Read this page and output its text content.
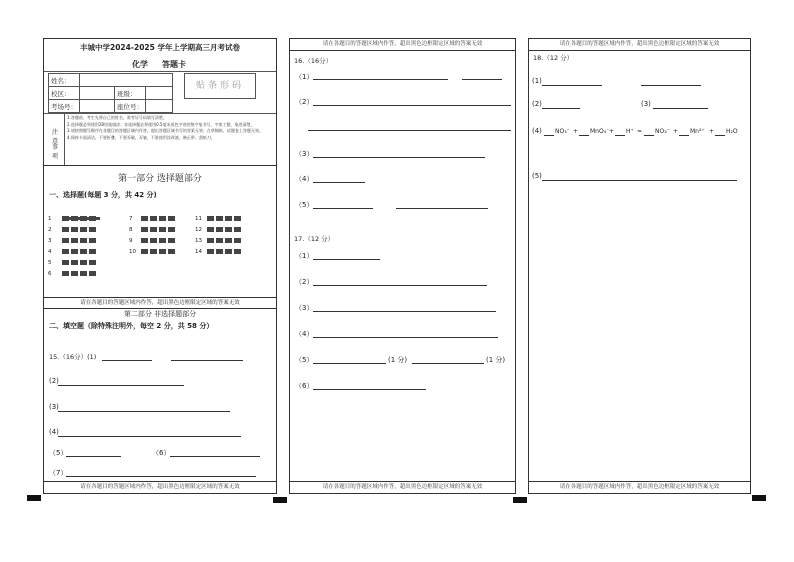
丰城中学2024-2025 学年上学期高三月考试卷
化学 答题卡
姓名：			
校区：		班级：	
考场号：		座位号：	
贴条形码
注意
事项
1.答题前，考生先将自己的姓名、准考证号码填写清楚。
2.选择题必须使用2B铅笔填涂；非选择题必须使用0.5毫米黑色字迹的签字笔书写，字体工整、笔迹清楚。
3.请按照题号顺序在各题目的答题区域内作答，超出答题区域书写的答案无效；在草稿纸、试题卷上答题无效。
4.保持卡面清洁，不要折叠，不要弄破、弄皱，不准使用涂改液、修正带、刮纸刀。
第一部分 选择题部分
一、选择题(每题 3 分，共 42 分)
1
2
3
4
5
6
7
8
9
10
11
12
13
14
请在各题目的答题区域内作答，超出黑色边框限定区域的答案无效
第二部分 非选择题部分
二、填空题（除特殊注明外，每空 2 分，共 58 分）
15.（16分）(1)
(2)
(3)
(4)
（5）	（6）
（7）
请在各题目的答题区域内作答，超出黑色边框限定区域的答案无效
请在各题目的答题区域内作答，超出黑色边框限定区域的答案无效
16.（16分）
（1）
（2）
（3）
（4）
（5）
17.（12 分）
（1）
（2）
（3）
（4）
（5）	(1 分)	(1 分)
（6）
请在各题目的答题区域内作答，超出黑色边框限定区域的答案无效
请在各题目的答题区域内作答，超出黑色边框限定区域的答案无效
18.（12 分）
(1)
(2)	(3)
(4) NO₃⁻ + MnO₄⁻ + H⁺ = NO₃⁻ + Mn²⁺ + H₂O
(5)
请在各题目的答题区域内作答，超出黑色边框限定区域的答案无效
